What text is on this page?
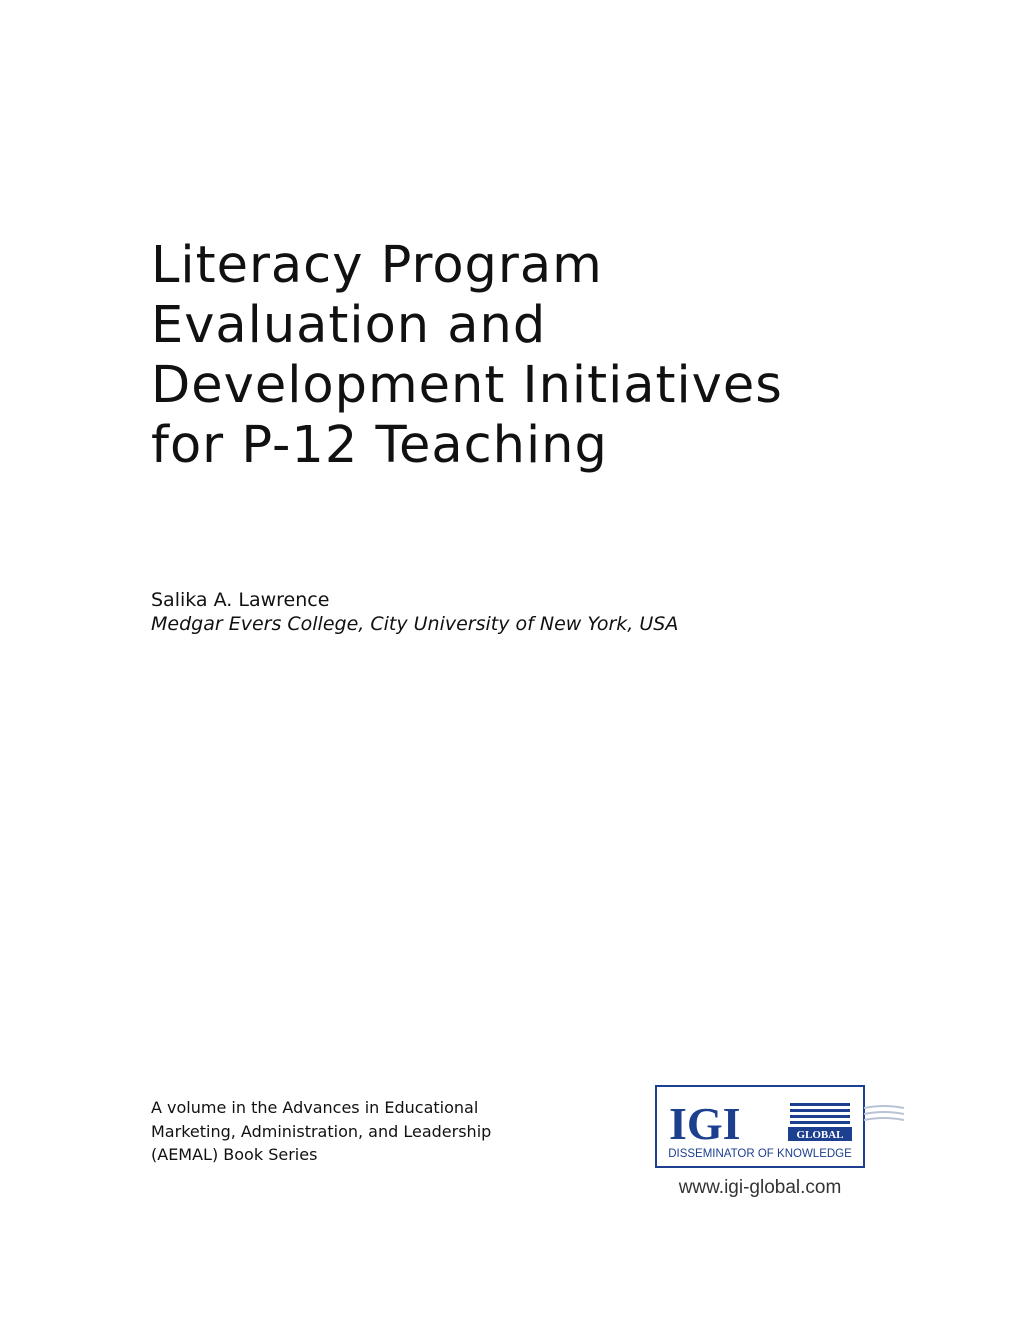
Literacy Program
Evaluation and
Development Initiatives
for P-12 Teaching
Salika A. Lawrence
Medgar Evers College, City University of New York, USA
A volume in the Advances in Educational
Marketing, Administration, and Leadership
(AEMAL) Book Series
IGI	GLOBAL
DISSEMINATOR OF KNOWLEDGE
www.igi-global.com
